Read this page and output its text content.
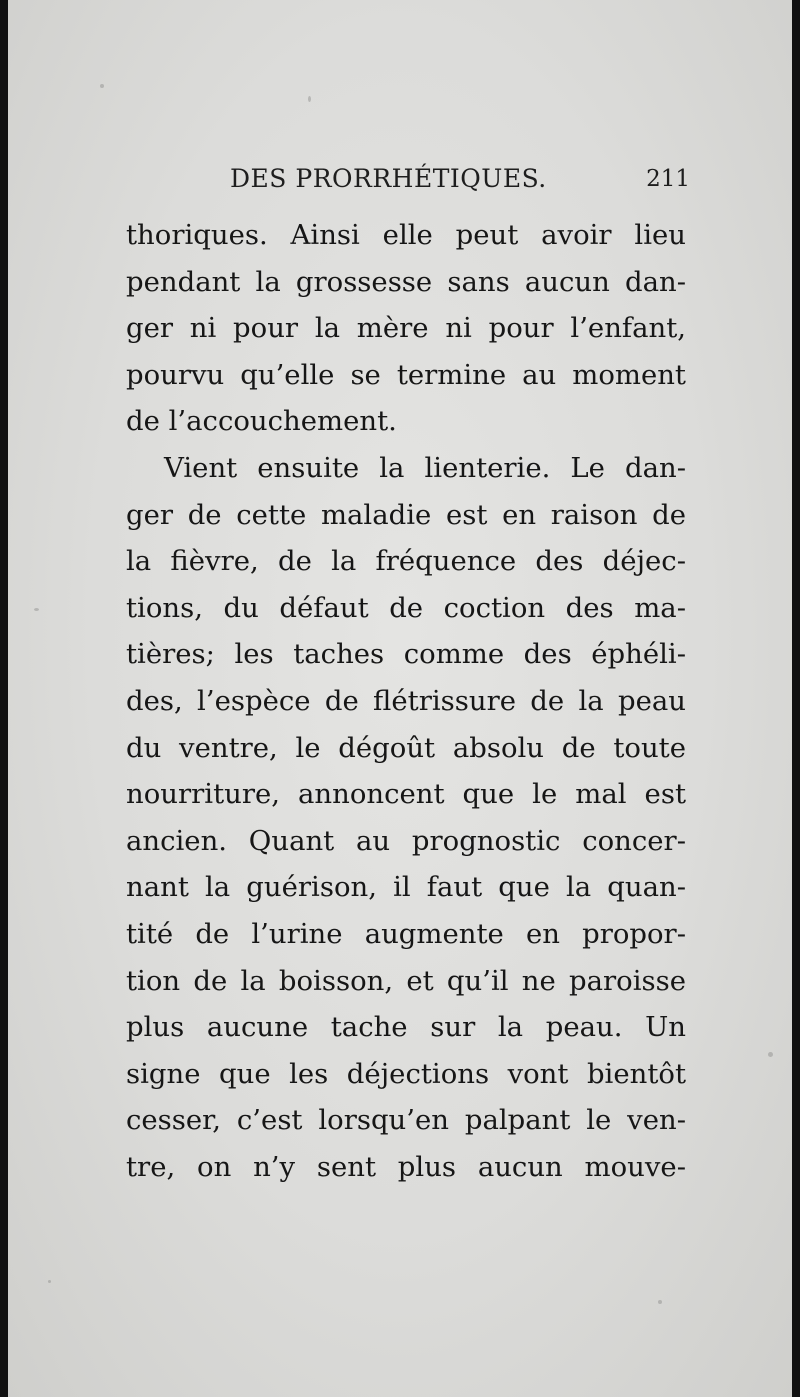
DES PRORRHÉTIQUES.	211
thoriques. Ainsi elle peut avoir lieu
pendant la grossesse sans aucun dan-
ger ni pour la mère ni pour l’enfant,
pourvu qu’elle se termine au moment
de l’accouchement.
Vient ensuite la lienterie. Le dan-
ger de cette maladie est en raison de
la fièvre, de la fréquence des déjec-
tions, du défaut de coction des ma-
tières; les taches comme des éphéli-
des, l’espèce de flétrissure de la peau
du ventre, le dégoût absolu de toute
nourriture, annoncent que le mal est
ancien. Quant au prognostic concer-
nant la guérison, il faut que la quan-
tité de l’urine augmente en propor-
tion de la boisson, et qu’il ne paroisse
plus aucune tache sur la peau. Un
signe que les déjections vont bientôt
cesser, c’est lorsqu’en palpant le ven-
tre, on n’y sent plus aucun mouve-
